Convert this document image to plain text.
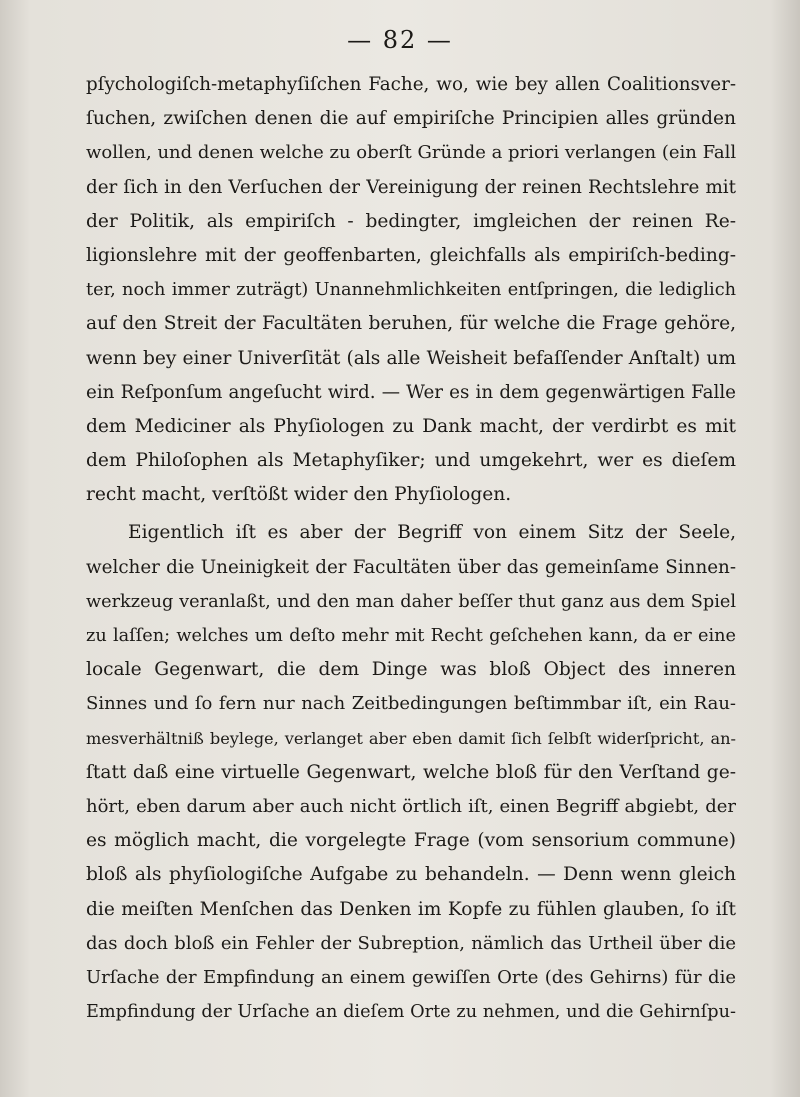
— 82 —
pſychologiſch-metaphyſiſchen Fache, wo, wie bey allen Coalitionsver-
ſuchen, zwiſchen denen die auf empiriſche Principien alles gründen
wollen, und denen welche zu oberſt Gründe a priori verlangen (ein Fall
der ſich in den Verſuchen der Vereinigung der reinen Rechtslehre mit
der Politik, als empiriſch - bedingter, imgleichen der reinen Re-
ligionslehre mit der geoffenbarten, gleichfalls als empiriſch-beding-
ter, noch immer zuträgt) Unannehmlichkeiten entſpringen, die lediglich
auf den Streit der Facultäten beruhen, für welche die Frage gehöre,
wenn bey einer Univerſität (als alle Weisheit befaſſender Anſtalt) um
ein Reſponſum angeſucht wird. — Wer es in dem gegenwärtigen Falle
dem Mediciner als Phyſiologen zu Dank macht, der verdirbt es mit
dem Philoſophen als Metaphyſiker; und umgekehrt, wer es dieſem
recht macht, verſtößt wider den Phyſiologen.
Eigentlich iſt es aber der Begriff von einem Sitz der Seele,
welcher die Uneinigkeit der Facultäten über das gemeinſame Sinnen-
werkzeug veranlaßt, und den man daher beſſer thut ganz aus dem Spiel
zu laſſen; welches um deſto mehr mit Recht geſchehen kann, da er eine
locale Gegenwart, die dem Dinge was bloß Object des inneren
Sinnes und ſo fern nur nach Zeitbedingungen beſtimmbar iſt, ein Rau-
mesverhältniß beylege, verlanget aber eben damit ſich ſelbſt widerſpricht, an-
ſtatt daß eine virtuelle Gegenwart, welche bloß für den Verſtand ge-
hört, eben darum aber auch nicht örtlich iſt, einen Begriff abgiebt, der
es möglich macht, die vorgelegte Frage (vom sensorium commune)
bloß als phyſiologiſche Aufgabe zu behandeln. — Denn wenn gleich
die meiſten Menſchen das Denken im Kopfe zu fühlen glauben, ſo iſt
das doch bloß ein Fehler der Subreption, nämlich das Urtheil über die
Urſache der Empfindung an einem gewiſſen Orte (des Gehirns) für die
Empfindung der Urſache an dieſem Orte zu nehmen, und die Gehirnſpu-
